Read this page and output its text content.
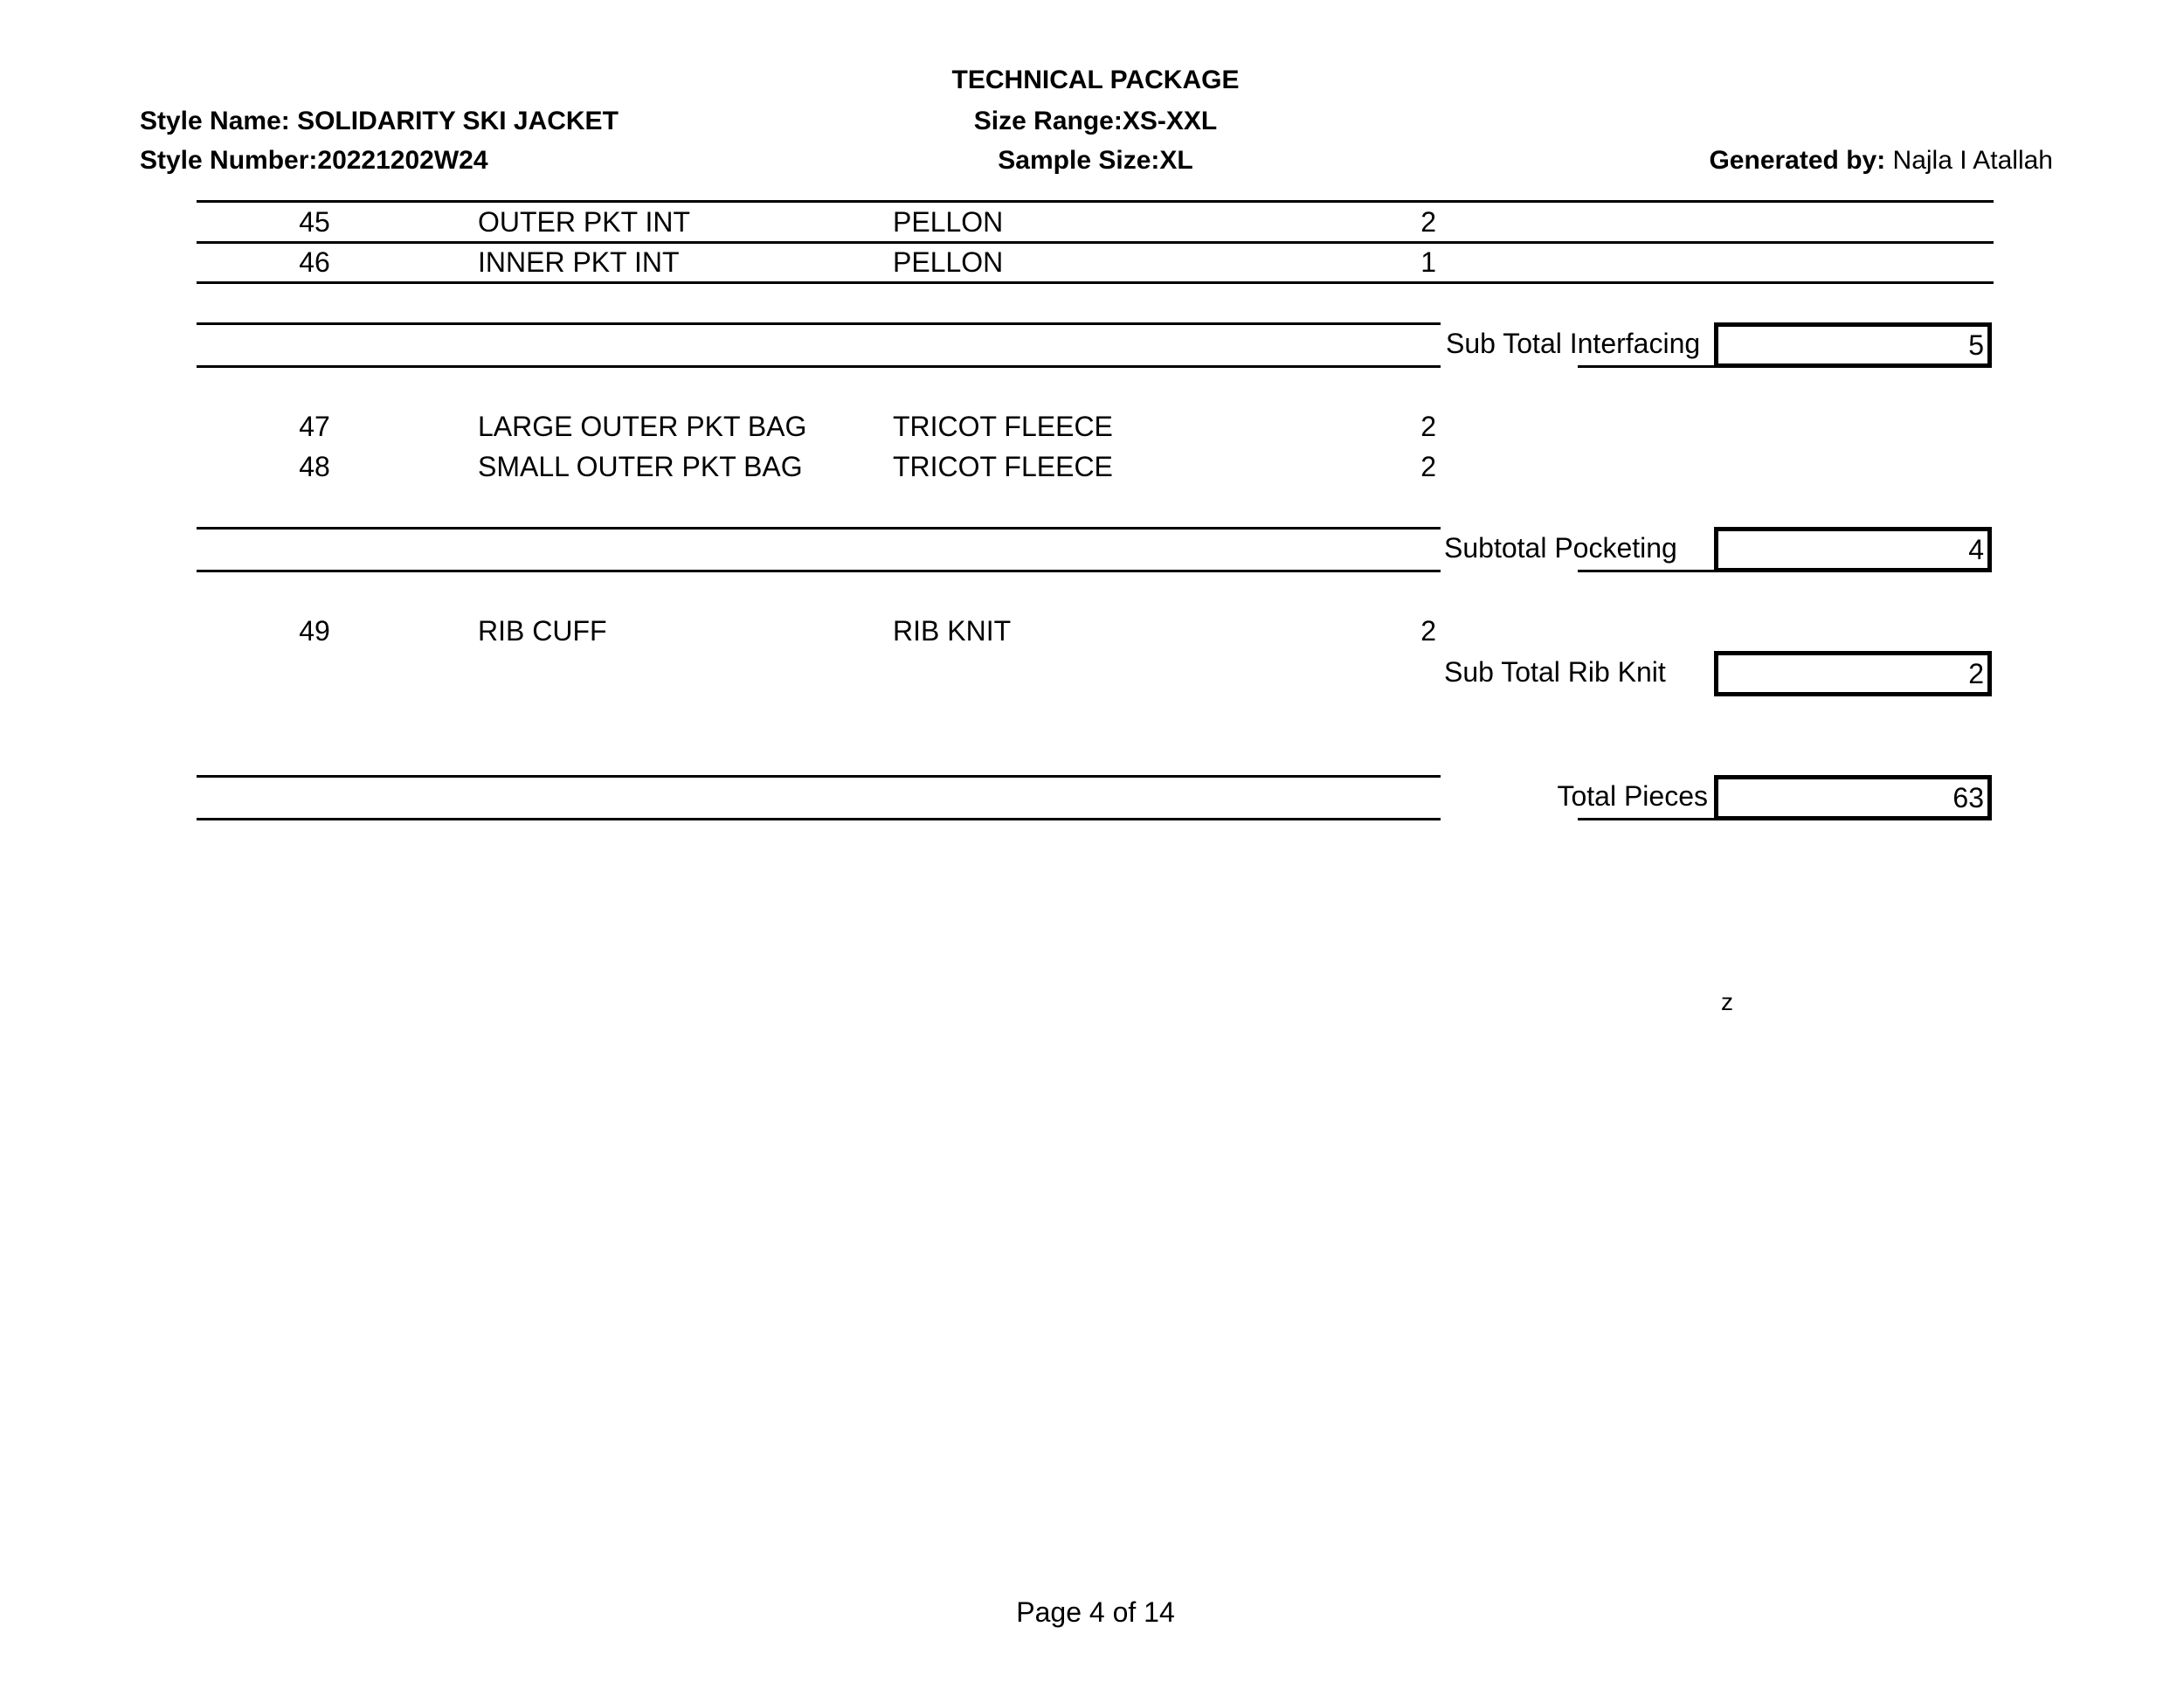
TECHNICAL PACKAGE
Size Range:XS-XXL
Sample Size:XL
Style Name: SOLIDARITY SKI JACKET
Style Number:20221202W24	Generated by: Najla I Atallah
45	OUTER PKT INT	PELLON	2
46	INNER PKT INT	PELLON	1
Sub Total Interfacing	5
47	LARGE OUTER PKT BAG	TRICOT FLEECE	2
48	SMALL OUTER PKT BAG	TRICOT FLEECE	2
Subtotal Pocketing	4
49	RIB CUFF	RIB KNIT	2
Sub Total Rib Knit	2
Total Pieces	63
z
Page 4 of 14
